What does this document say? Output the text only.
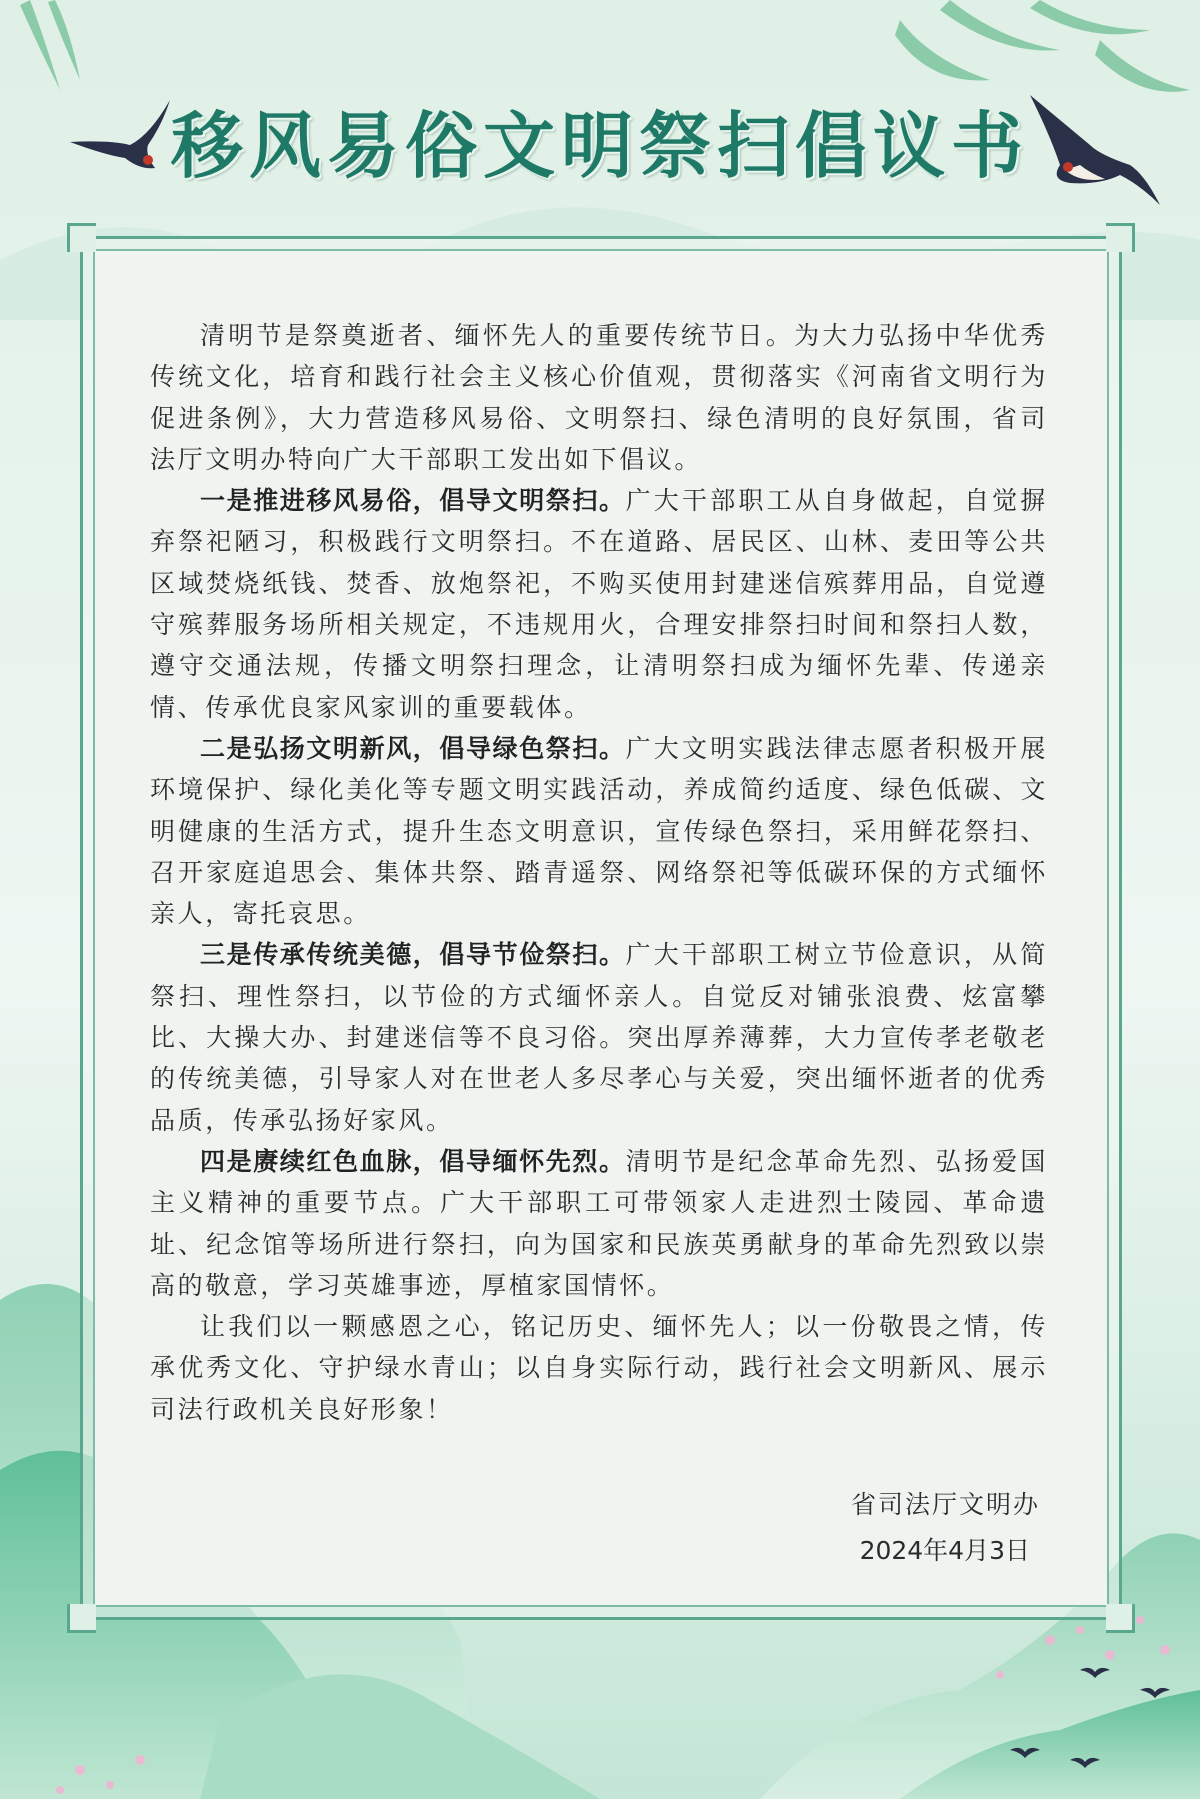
移风易俗文明祭扫倡议书

清明节是祭奠逝者、缅怀先人的重要传统节日。为大力弘扬中华优秀传统文化，培育和践行社会主义核心价值观，贯彻落实《河南省文明行为促进条例》，大力营造移风易俗、文明祭扫、绿色清明的良好氛围，省司法厅文明办特向广大干部职工发出如下倡议。

一是推进移风易俗，倡导文明祭扫。广大干部职工从自身做起，自觉摒弃祭祀陋习，积极践行文明祭扫。不在道路、居民区、山林、麦田等公共区域焚烧纸钱、焚香、放炮祭祀，不购买使用封建迷信殡葬用品，自觉遵守殡葬服务场所相关规定，不违规用火，合理安排祭扫时间和祭扫人数，遵守交通法规，传播文明祭扫理念，让清明祭扫成为缅怀先辈、传递亲情、传承优良家风家训的重要载体。

二是弘扬文明新风，倡导绿色祭扫。广大文明实践法律志愿者积极开展环境保护、绿化美化等专题文明实践活动，养成简约适度、绿色低碳、文明健康的生活方式，提升生态文明意识，宣传绿色祭扫，采用鲜花祭扫、召开家庭追思会、集体共祭、踏青遥祭、网络祭祀等低碳环保的方式缅怀亲人，寄托哀思。

三是传承传统美德，倡导节俭祭扫。广大干部职工树立节俭意识，从简祭扫、理性祭扫，以节俭的方式缅怀亲人。自觉反对铺张浪费、炫富攀比、大操大办、封建迷信等不良习俗。突出厚养薄葬，大力宣传孝老敬老的传统美德，引导家人对在世老人多尽孝心与关爱，突出缅怀逝者的优秀品质，传承弘扬好家风。

四是赓续红色血脉，倡导缅怀先烈。清明节是纪念革命先烈、弘扬爱国主义精神的重要节点。广大干部职工可带领家人走进烈士陵园、革命遗址、纪念馆等场所进行祭扫，向为国家和民族英勇献身的革命先烈致以崇高的敬意，学习英雄事迹，厚植家国情怀。

让我们以一颗感恩之心，铭记历史、缅怀先人；以一份敬畏之情，传承优秀文化、守护绿水青山；以自身实际行动，践行社会文明新风、展示司法行政机关良好形象！

省司法厅文明办
2024年4月3日
